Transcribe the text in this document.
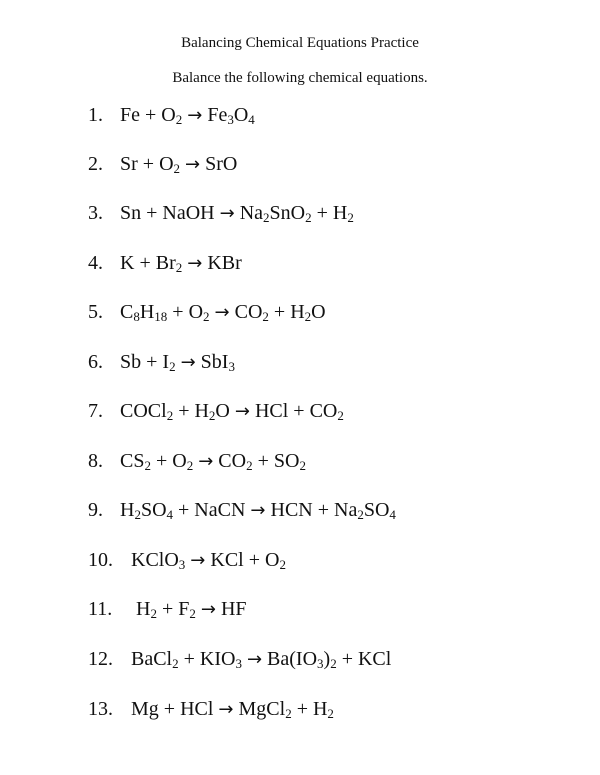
Balancing Chemical Equations Practice
Balance the following chemical equations.
1. $Fe + O_2 \to Fe_3O_4$
2. $Sr + O_2$ → SrO
3. Sn + NaOH → $Na_2SnO_2 + H_2$
4. $K + Br_2$ → KBr
5. $C_8H_{18} + O_2 \to CO_2 + H_2O$
6. $Sb + I_2 \to SbI_3$
7. COCl$_2$ + $H_2O$ → HCl + $CO_2$
8. $CS_2 + O_2 \to CO_2 + SO_2$
9. $H_2SO_4$ + NaCN → HCN + $Na_2SO_4$
10. KClO$_3$ → KCl + $O_2$
11. $H_2 + F_2$ → HF
12. BaCl$_2$ + $KIO_3 \to Ba(IO_3)_2$ + KCl
13. Mg + HCl → MgCl$_2$ + $H_2$
